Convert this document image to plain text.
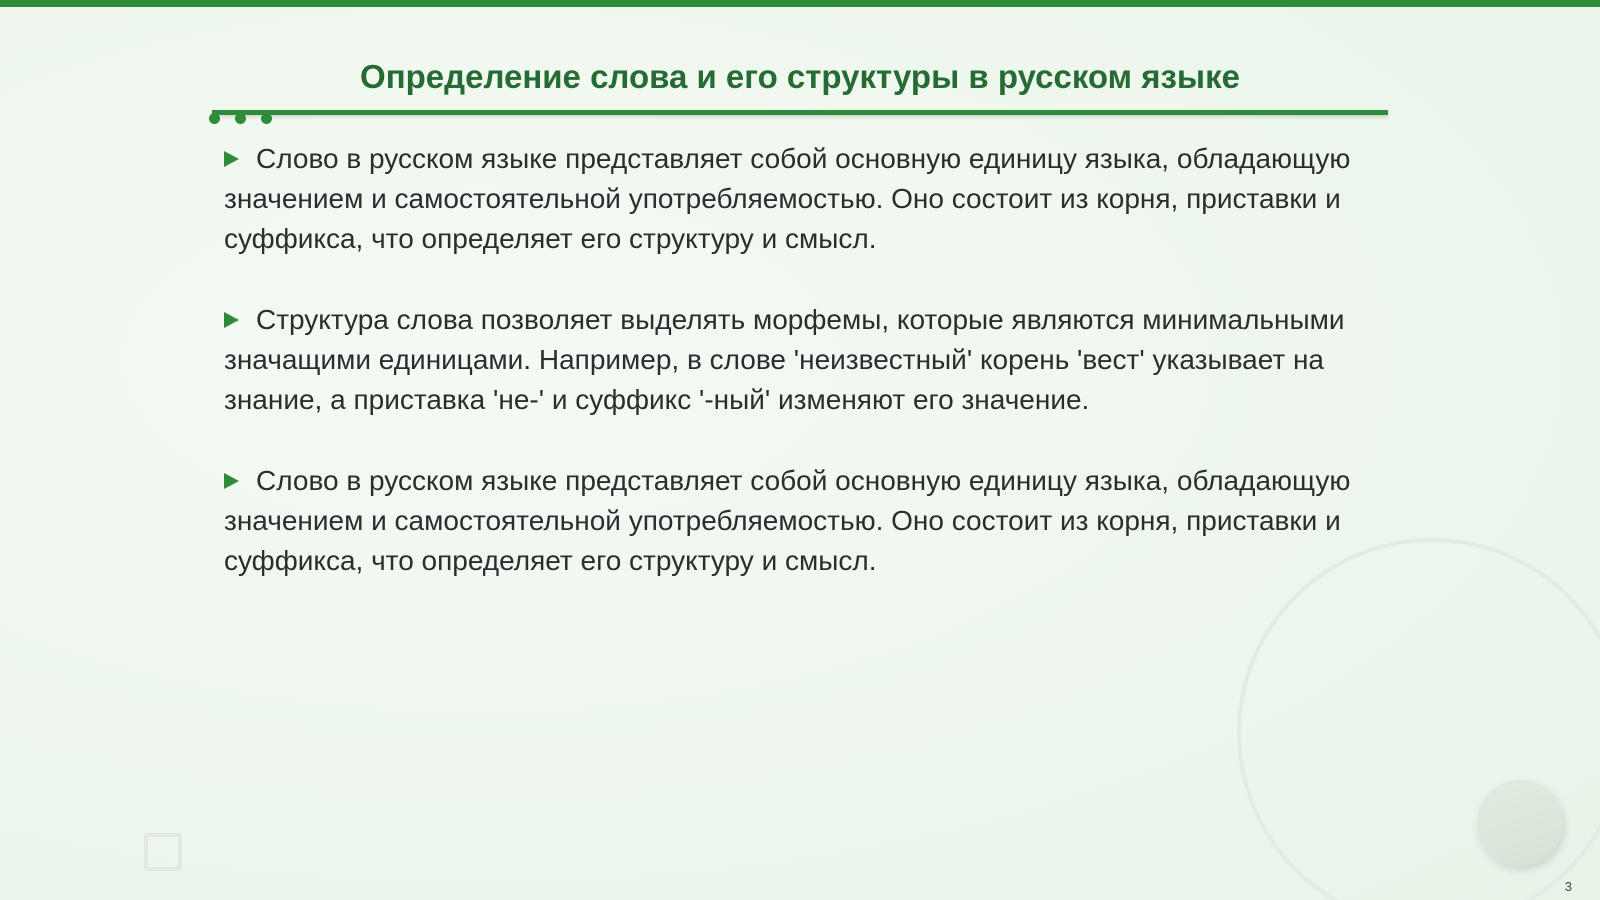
Определение слова и его структуры в русском языке

Слово в русском языке представляет собой основную единицу языка, обладающую значением и самостоятельной употребляемостью. Оно состоит из корня, приставки и суффикса, что определяет его структуру и смысл.

Структура слова позволяет выделять морфемы, которые являются минимальными значащими единицами. Например, в слове 'неизвестный' корень 'вест' указывает на знание, а приставка 'не-' и суффикс '-ный' изменяют его значение.

Слово в русском языке представляет собой основную единицу языка, обладающую значением и самостоятельной употребляемостью. Оно состоит из корня, приставки и суффикса, что определяет его структуру и смысл.

3
